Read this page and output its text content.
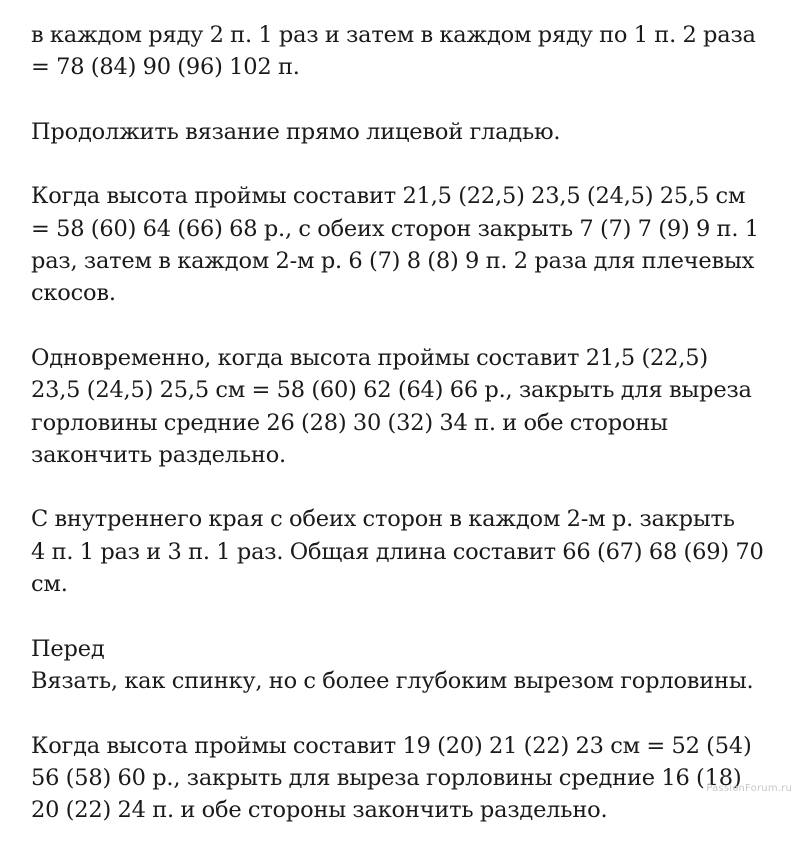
в каждом ряду 2 п. 1 раз и затем в каждом ряду по 1 п. 2 раза
= 78 (84) 90 (96) 102 п.
Продолжить вязание прямо лицевой гладью.
Когда высота проймы составит 21,5 (22,5) 23,5 (24,5) 25,5 см
= 58 (60) 64 (66) 68 р., с обеих сторон закрыть 7 (7) 7 (9) 9 п. 1
раз, затем в каждом 2-м р. 6 (7) 8 (8) 9 п. 2 раза для плечевых
скосов.
Одновременно, когда высота проймы составит 21,5 (22,5)
23,5 (24,5) 25,5 см = 58 (60) 62 (64) 66 р., закрыть для выреза
горловины средние 26 (28) 30 (32) 34 п. и обе стороны
закончить раздельно.
С внутреннего края с обеих сторон в каждом 2-м р. закрыть
4 п. 1 раз и 3 п. 1 раз. Общая длина составит 66 (67) 68 (69) 70
см.
Перед
Вязать, как спинку, но с более глубоким вырезом горловины.
Когда высота проймы составит 19 (20) 21 (22) 23 см = 52 (54)
56 (58) 60 р., закрыть для выреза горловины средние 16 (18)
20 (22) 24 п. и обе стороны закончить раздельно.
PassionForum.ru
